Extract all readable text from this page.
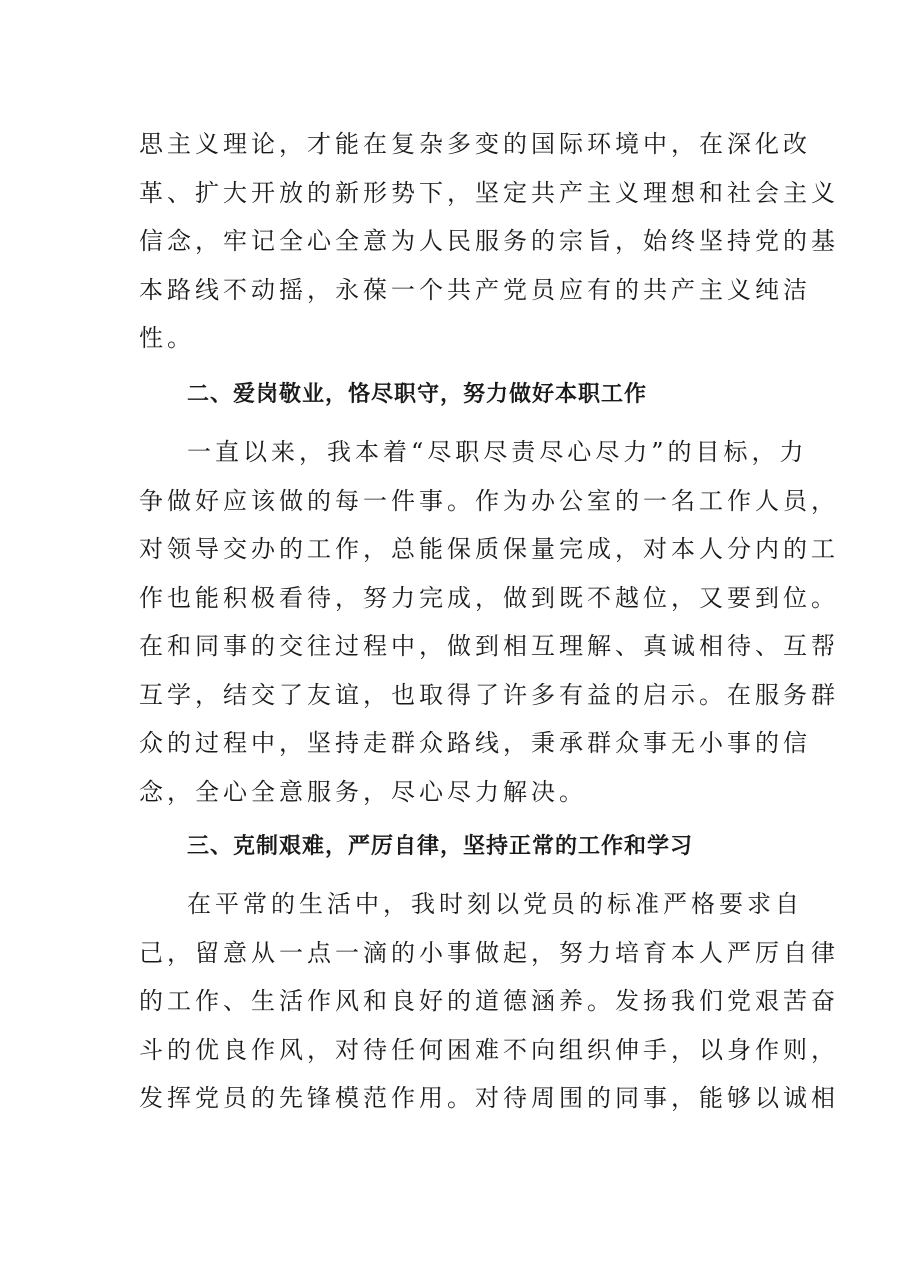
思主义理论，才能在复杂多变的国际环境中，在深化改
革、扩大开放的新形势下，坚定共产主义理想和社会主义
信念，牢记全心全意为人民服务的宗旨，始终坚持党的基
本路线不动摇，永葆一个共产党员应有的共产主义纯洁
性。
二、爱岗敬业，恪尽职守，努力做好本职工作
一直以来，我本着“尽职尽责尽心尽力”的目标，力
争做好应该做的每一件事。作为办公室的一名工作人员，
对领导交办的工作，总能保质保量完成，对本人分内的工
作也能积极看待，努力完成，做到既不越位，又要到位。
在和同事的交往过程中，做到相互理解、真诚相待、互帮
互学，结交了友谊，也取得了许多有益的启示。在服务群
众的过程中，坚持走群众路线，秉承群众事无小事的信
念，全心全意服务，尽心尽力解决。
三、克制艰难，严厉自律，坚持正常的工作和学习
在平常的生活中，我时刻以党员的标准严格要求自
己，留意从一点一滴的小事做起，努力培育本人严厉自律
的工作、生活作风和良好的道德涵养。发扬我们党艰苦奋
斗的优良作风，对待任何困难不向组织伸手，以身作则，
发挥党员的先锋模范作用。对待周围的同事，能够以诚相
